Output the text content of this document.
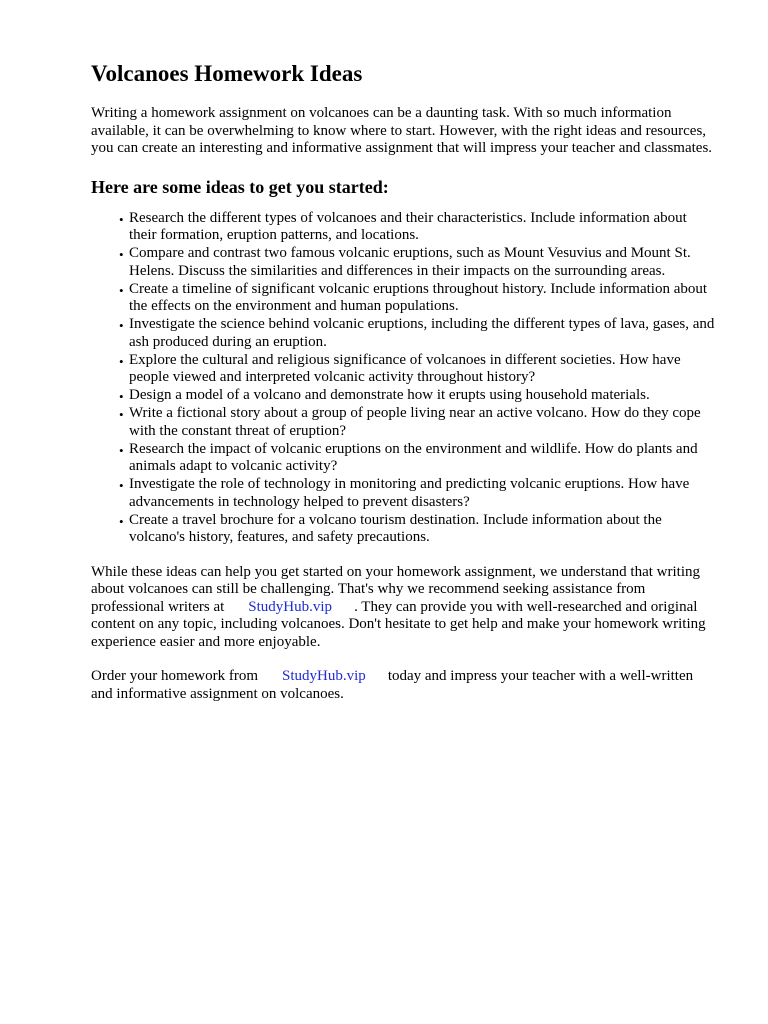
Volcanoes Homework Ideas

Writing a homework assignment on volcanoes can be a daunting task. With so much information available, it can be overwhelming to know where to start. However, with the right ideas and resources, you can create an interesting and informative assignment that will impress your teacher and classmates.

Here are some ideas to get you started:
• Research the different types of volcanoes and their characteristics. Include information about their formation, eruption patterns, and locations.
• Compare and contrast two famous volcanic eruptions, such as Mount Vesuvius and Mount St. Helens. Discuss the similarities and differences in their impacts on the surrounding areas.
• Create a timeline of significant volcanic eruptions throughout history. Include information about the effects on the environment and human populations.
• Investigate the science behind volcanic eruptions, including the different types of lava, gases, and ash produced during an eruption.
• Explore the cultural and religious significance of volcanoes in different societies. How have people viewed and interpreted volcanic activity throughout history?
• Design a model of a volcano and demonstrate how it erupts using household materials.
• Write a fictional story about a group of people living near an active volcano. How do they cope with the constant threat of eruption?
• Research the impact of volcanic eruptions on the environment and wildlife. How do plants and animals adapt to volcanic activity?
• Investigate the role of technology in monitoring and predicting volcanic eruptions. How have advancements in technology helped to prevent disasters?
• Create a travel brochure for a volcano tourism destination. Include information about the volcano's history, features, and safety precautions.

While these ideas can help you get started on your homework assignment, we understand that writing about volcanoes can still be challenging. That's why we recommend seeking assistance from professional writers at StudyHub.vip . They can provide you with well-researched and original content on any topic, including volcanoes. Don't hesitate to get help and make your homework writing experience easier and more enjoyable.

Order your homework from StudyHub.vip today and impress your teacher with a well-written and informative assignment on volcanoes.
